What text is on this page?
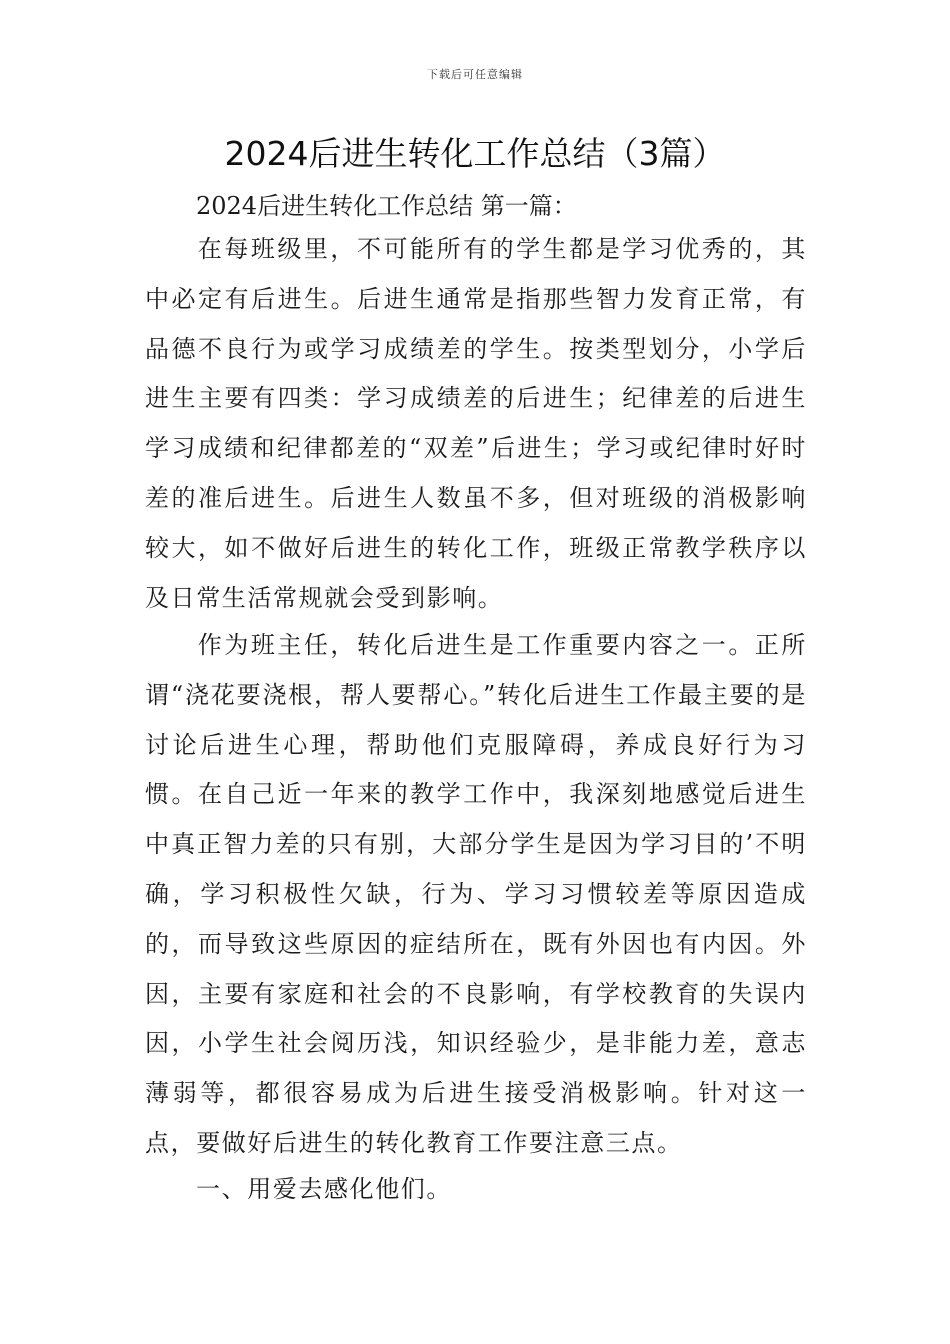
下载后可任意编辑
2024后进生转化工作总结（3篇）

2024后进生转化工作总结 第一篇：

在每班级里，不可能所有的学生都是学习优秀的，其中必定有后进生。后进生通常是指那些智力发育正常，有品德不良行为或学习成绩差的学生。按类型划分，小学后进生主要有四类：学习成绩差的后进生；纪律差的后进生学习成绩和纪律都差的“双差”后进生；学习或纪律时好时差的准后进生。后进生人数虽不多，但对班级的消极影响较大，如不做好后进生的转化工作，班级正常教学秩序以及日常生活常规就会受到影响。

作为班主任，转化后进生是工作重要内容之一。正所谓“浇花要浇根，帮人要帮心。”转化后进生工作最主要的是讨论后进生心理，帮助他们克服障碍，养成良好行为习惯。在自己近一年来的教学工作中，我深刻地感觉后进生中真正智力差的只有别，大部分学生是因为学习目的’不明确，学习积极性欠缺，行为、学习习惯较差等原因造成的，而导致这些原因的症结所在，既有外因也有内因。外因，主要有家庭和社会的不良影响，有学校教育的失误内因，小学生社会阅历浅，知识经验少，是非能力差，意志薄弱等，都很容易成为后进生接受消极影响。针对这一点，要做好后进生的转化教育工作要注意三点。

一、用爱去感化他们。
